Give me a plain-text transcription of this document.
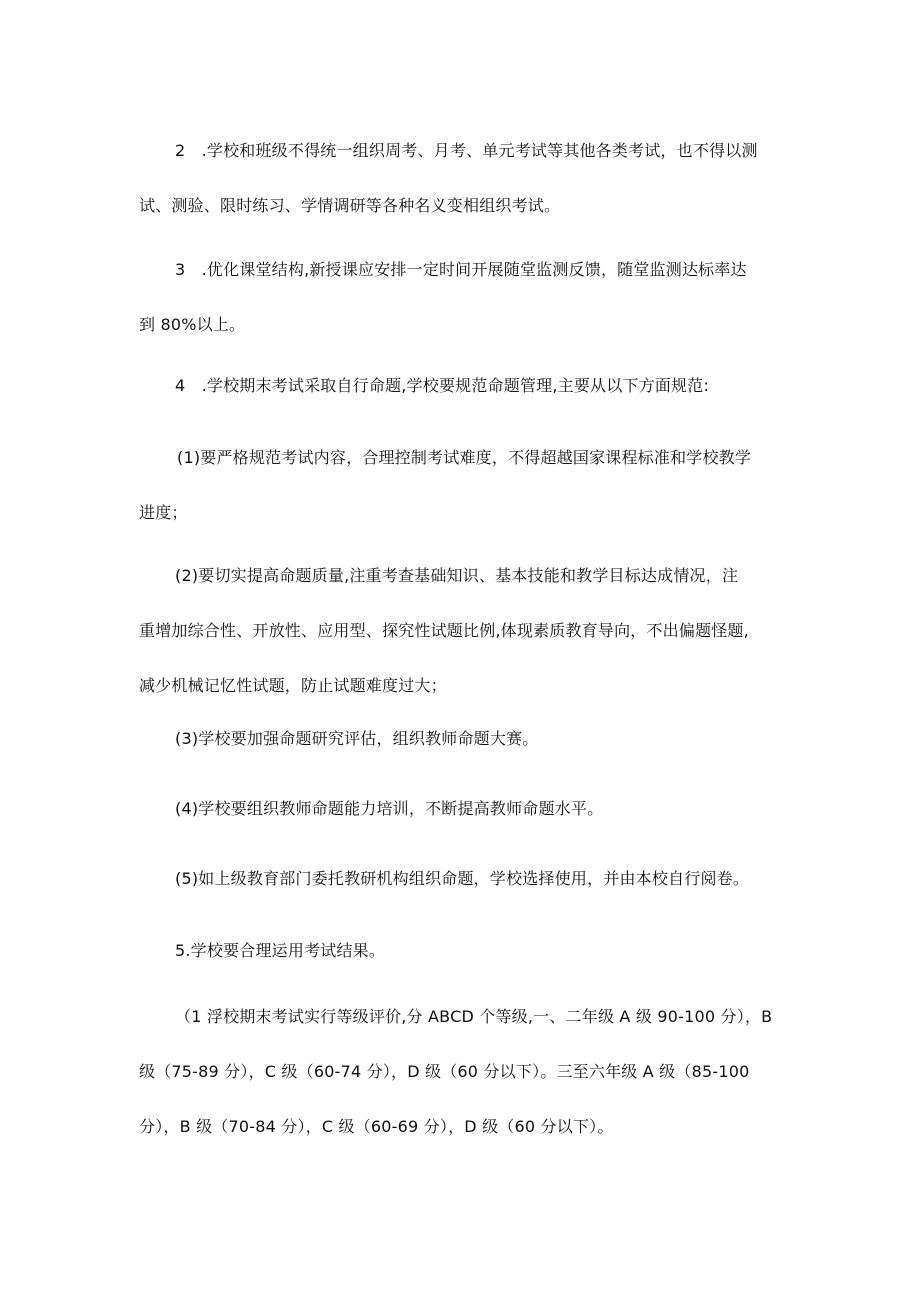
2　.学校和班级不得统一组织周考、月考、单元考试等其他各类考试，也不得以测
试、测验、限时练习、学情调研等各种名义变相组织考试。
3　.优化课堂结构,新授课应安排一定时间开展随堂监测反馈，随堂监测达标率达
到 80%以上。
4　.学校期末考试采取自行命题,学校要规范命题管理,主要从以下方面规范:
(1)要严格规范考试内容，合理控制考试难度，不得超越国家课程标准和学校教学
进度；
(2)要切实提高命题质量,注重考查基础知识、基本技能和教学目标达成情况，注
重增加综合性、开放性、应用型、探究性试题比例,体现素质教育导向，不出偏题怪题,
减少机械记忆性试题，防止试题难度过大；
(3)学校要加强命题研究评估，组织教师命题大赛。
(4)学校要组织教师命题能力培训，不断提高教师命题水平。
(5)如上级教育部门委托教研机构组织命题，学校选择使用，并由本校自行阅卷。
5.学校要合理运用考试结果。
（1 浮校期末考试实行等级评价,分 ABCD 个等级,一、二年级 A 级 90-100 分），B
级（75-89 分），C 级（60-74 分），D 级（60 分以下）。三至六年级 A 级（85-100
分），B 级（70-84 分），C 级（60-69 分），D 级（60 分以下）。
